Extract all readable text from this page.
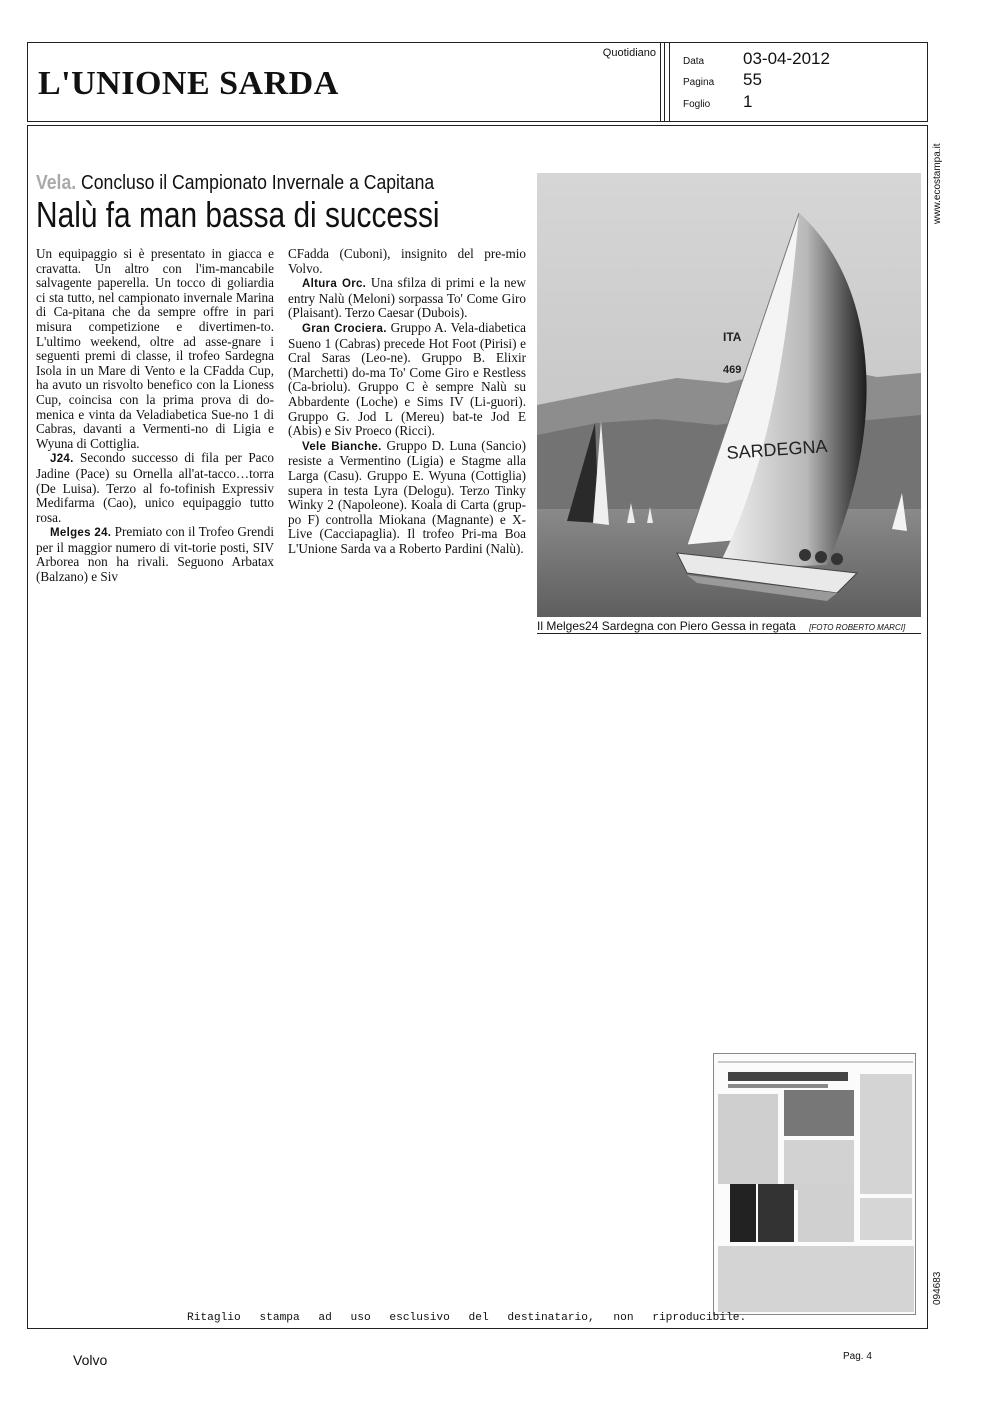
L'UNIONE SARDA
Quotidiano
Data	03-04-2012
Pagina	55
Foglio	1
www.ecostampa.it
094683
Vela. Concluso il Campionato Invernale a Capitana
Nalù fa man bassa di successi

Un equipaggio si è presentato in giacca e cravatta. Un altro con l'im-mancabile salvagente paperella. Un tocco di goliardia ci sta tutto, nel campionato invernale Marina di Ca-pitana che da sempre offre in pari misura competizione e divertimen-to. L'ultimo weekend, oltre ad asse-gnare i seguenti premi di classe, il trofeo Sardegna Isola in un Mare di Vento e la CFadda Cup, ha avuto un risvolto benefico con la Lioness Cup, coincisa con la prima prova di do-menica e vinta da Veladiabetica Sue-no 1 di Cabras, davanti a Vermenti-no di Ligia e Wyuna di Cottiglia.

J24. Secondo successo di fila per Paco Jadine (Pace) su Ornella all'at-tacco…torra (De Luisa). Terzo al fo-tofinish Expressiv Medifarma (Cao), unico equipaggio tutto rosa.

Melges 24. Premiato con il Trofeo Grendi per il maggior numero di vit-torie posti, SIV Arborea non ha rivali. Seguono Arbatax (Balzano) e Siv

CFadda (Cuboni), insignito del pre-mio Volvo.

Altura Orc. Una sfilza di primi e la new entry Nalù (Meloni) sorpassa To' Come Giro (Plaisant). Terzo Caesar (Dubois).

Gran Crociera. Gruppo A. Vela-diabetica Sueno 1 (Cabras) precede Hot Foot (Pirisi) e Cral Saras (Leo-ne). Gruppo B. Elixir (Marchetti) do-ma To' Come Giro e Restless (Ca-briolu). Gruppo C è sempre Nalù su Abbardente (Loche) e Sims IV (Li-guori). Gruppo G. Jod L (Mereu) bat-te Jod E (Abis) e Siv Proeco (Ricci).

Vele Bianche. Gruppo D. Luna (Sancio) resiste a Vermentino (Ligia) e Stagme alla Larga (Casu). Gruppo E. Wyuna (Cottiglia) supera in testa Lyra (Delogu). Terzo Tinky Winky 2 (Napoleone). Koala di Carta (grup-po F) controlla Miokana (Magnante) e X-Live (Cacciapaglia). Il trofeo Pri-ma Boa L'Unione Sarda va a Roberto Pardini (Nalù).

SARDEGNA
ITA
469
Il Melges24 Sardegna con Piero Gessa in regata [FOTO ROBERTO MARCI]
Ritaglio stampa ad uso esclusivo del destinatario, non riproducibile.
Volvo	Pag. 4
